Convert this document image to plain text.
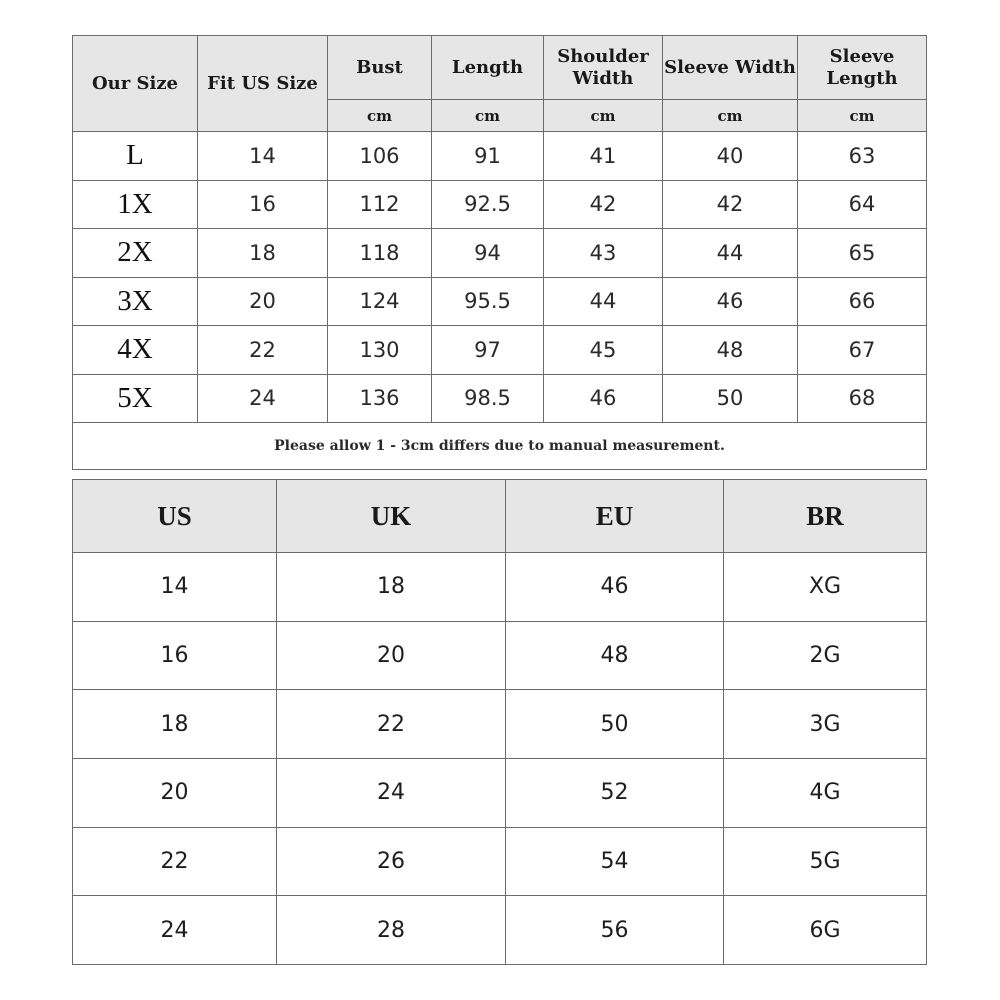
Our Size	Fit US Size	Bust	Length	Shoulder Width	Sleeve Width	Sleeve Length
		cm	cm	cm	cm	cm
L	14	106	91	41	40	63
1X	16	112	92.5	42	42	64
2X	18	118	94	43	44	65
3X	20	124	95.5	44	46	66
4X	22	130	97	45	48	67
5X	24	136	98.5	46	50	68
Please allow 1 - 3cm differs due to manual measurement.						
US	UK	EU	BR
14	18	46	XG
16	20	48	2G
18	22	50	3G
20	24	52	4G
22	26	54	5G
24	28	56	6G
